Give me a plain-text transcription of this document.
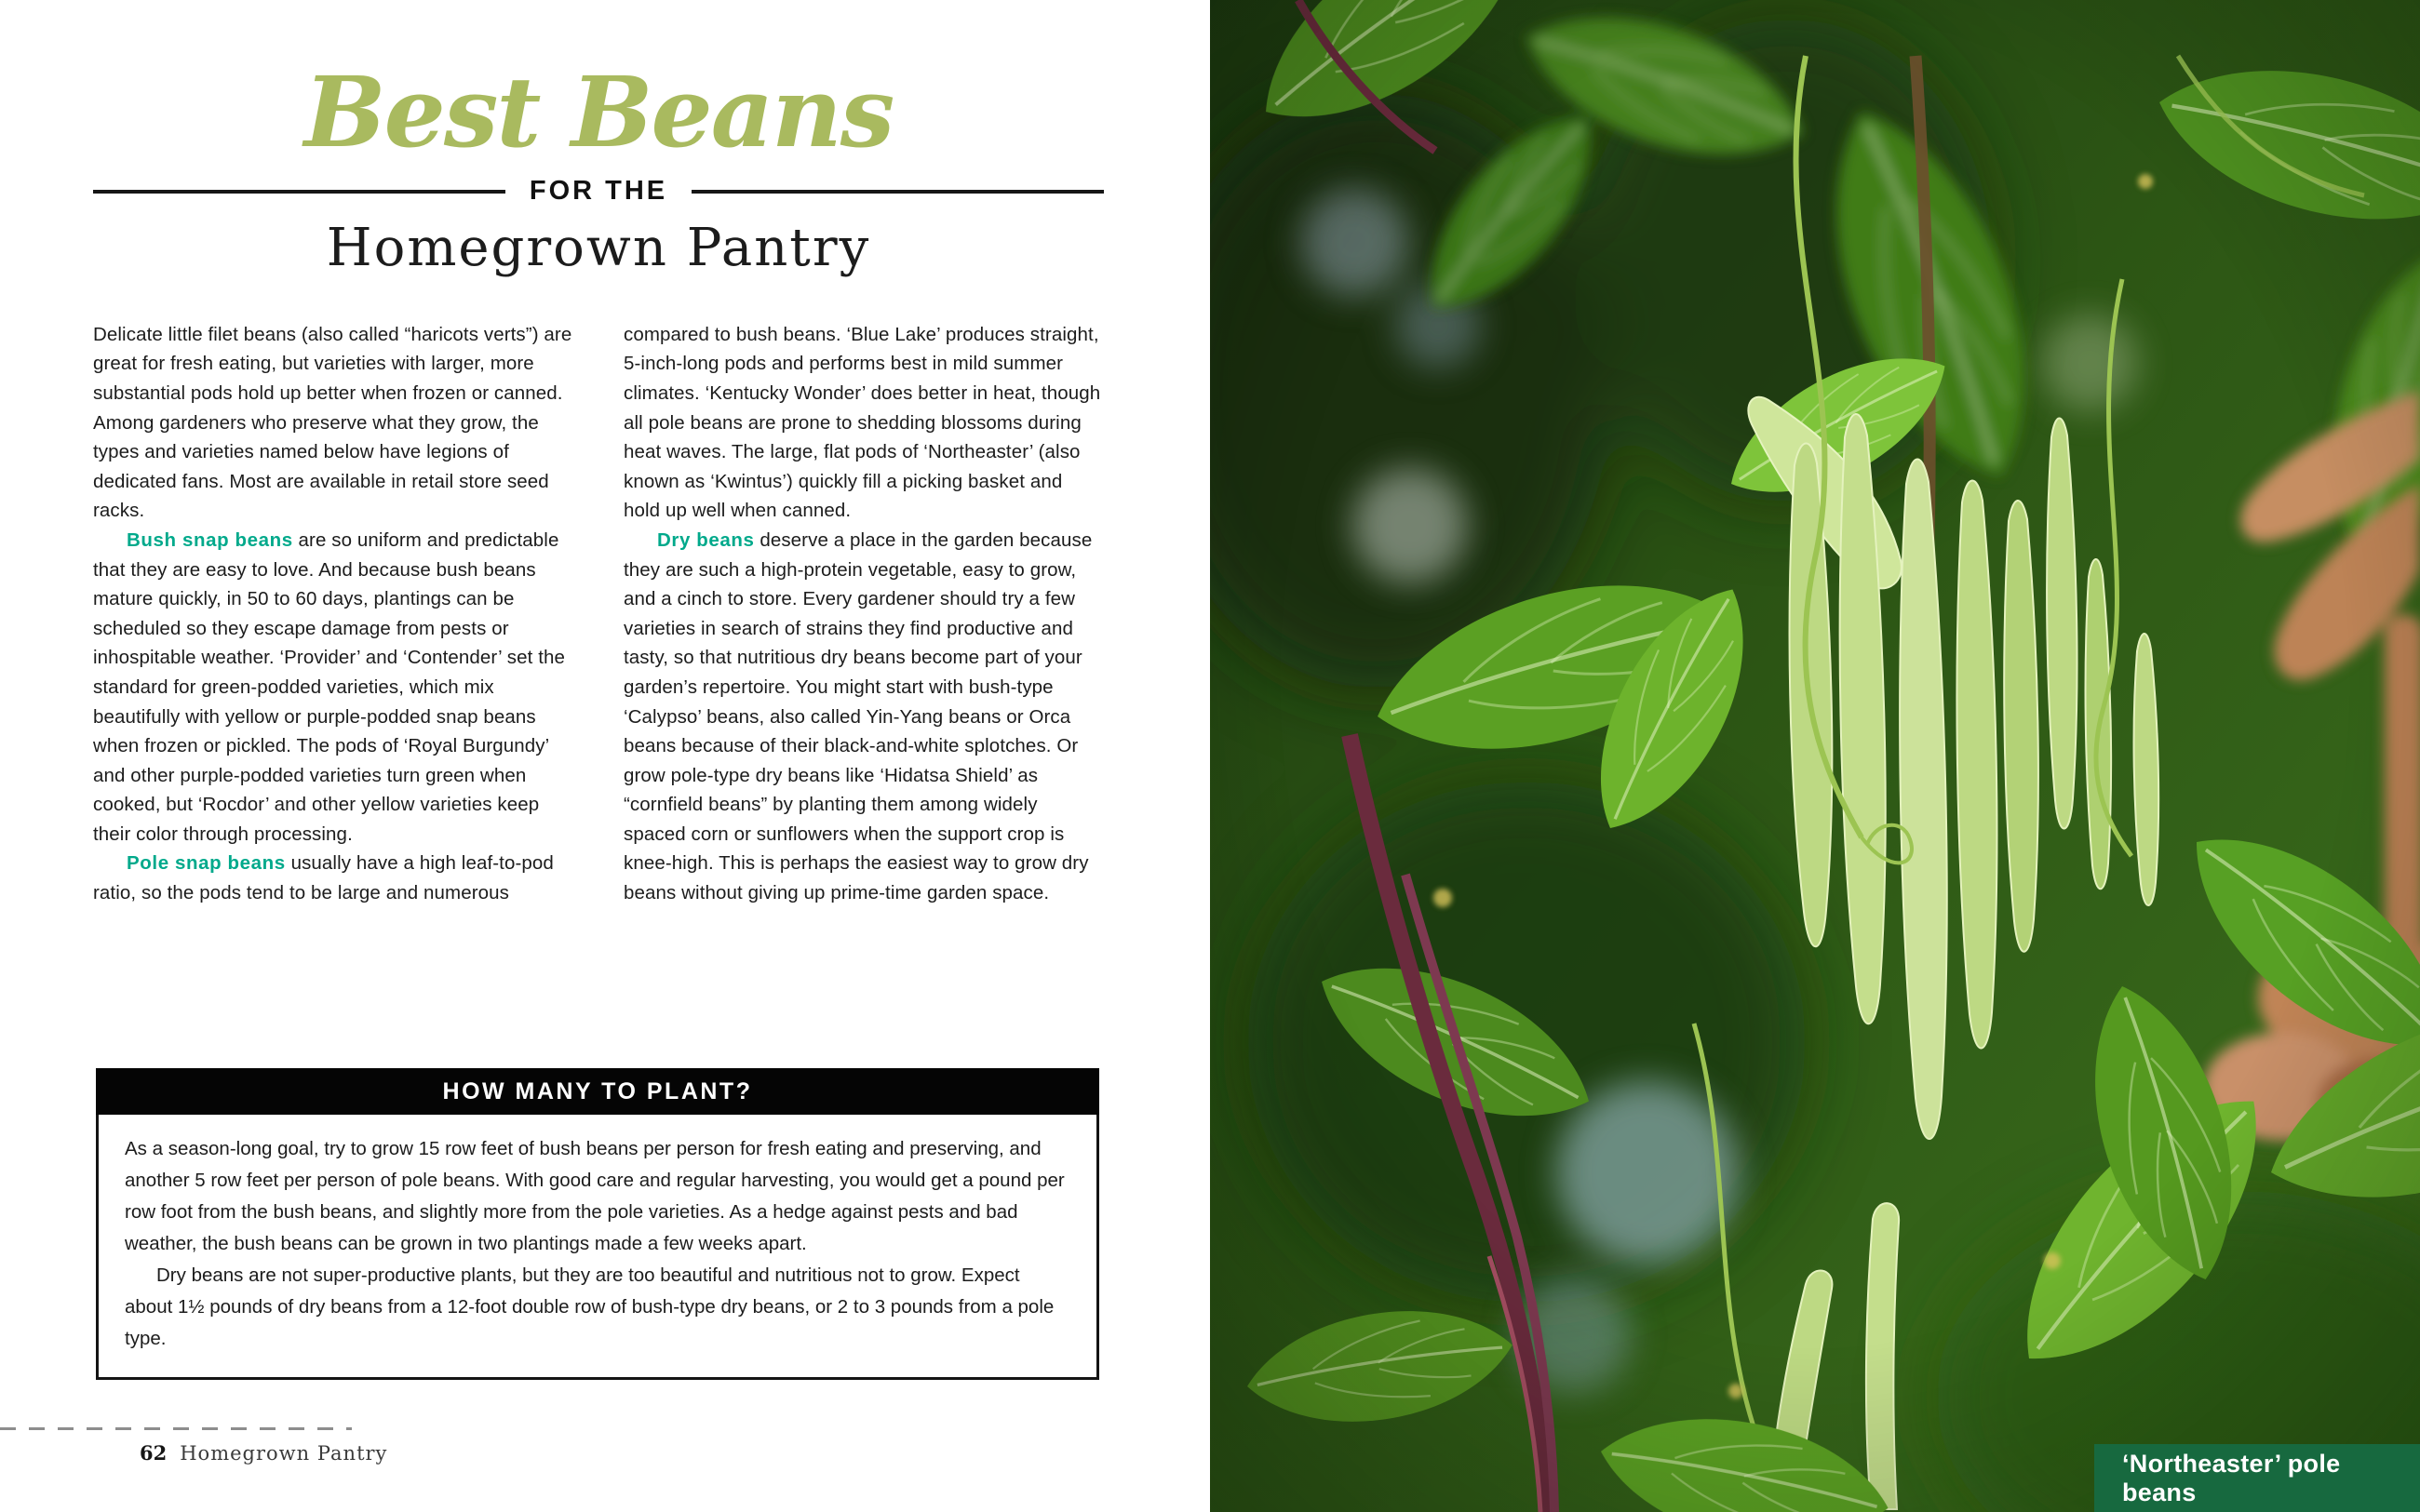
Best Beans
FOR THE
Homegrown Pantry

Delicate little filet beans (also called “haricots verts”) are great for fresh eating, but varieties with larger, more substantial pods hold up better when frozen or canned. Among gardeners who preserve what they grow, the types and varieties named below have legions of dedicated fans. Most are available in retail store seed racks.

Bush snap beans are so uniform and predictable that they are easy to love. And because bush beans mature quickly, in 50 to 60 days, plantings can be scheduled so they escape damage from pests or inhospitable weather. ‘Provider’ and ‘Contender’ set the standard for green-podded varieties, which mix beautifully with yellow or purple-podded snap beans when frozen or pickled. The pods of ‘Royal Burgundy’ and other purple-podded varieties turn green when cooked, but ‘Rocdor’ and other yellow varieties keep their color through processing.

Pole snap beans usually have a high leaf-to-pod ratio, so the pods tend to be large and numerous

compared to bush beans. ‘Blue Lake’ produces straight, 5-inch-long pods and performs best in mild summer climates. ‘Kentucky Wonder’ does better in heat, though all pole beans are prone to shedding blossoms during heat waves. The large, flat pods of ‘Northeaster’ (also known as ‘Kwintus’) quickly fill a picking basket and hold up well when canned.

Dry beans deserve a place in the garden because they are such a high-protein vegetable, easy to grow, and a cinch to store. Every gardener should try a few varieties in search of strains they find productive and tasty, so that nutritious dry beans become part of your garden’s repertoire. You might start with bush-type ‘Calypso’ beans, also called Yin-Yang beans or Orca beans because of their black-and-white splotches. Or grow pole-type dry beans like ‘Hidatsa Shield’ as “cornfield beans” by planting them among widely spaced corn or sunflowers when the support crop is knee-high. This is perhaps the easiest way to grow dry beans without giving up prime-time garden space.

HOW MANY TO PLANT?

As a season-long goal, try to grow 15 row feet of bush beans per person for fresh eating and preserving, and another 5 row feet per person of pole beans. With good care and regular harvesting, you would get a pound per row foot from the bush beans, and slightly more from the pole varieties. As a hedge against pests and bad weather, the bush beans can be grown in two plantings made a few weeks apart.

Dry beans are not super-productive plants, but they are too beautiful and nutritious not to grow. Expect about 1½ pounds of dry beans from a 12-foot double row of bush-type dry beans, or 2 to 3 pounds from a pole type.

62 Homegrown Pantry	‘Northeaster’ pole beans
